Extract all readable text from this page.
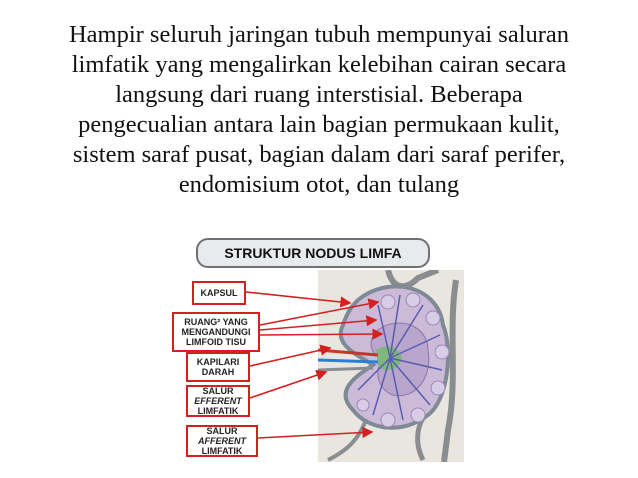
Hampir seluruh jaringan tubuh mempunyai saluran
limfatik yang mengalirkan kelebihan cairan secara
langsung dari ruang interstisial. Beberapa
pengecualian antara lain bagian permukaan kulit,
sistem saraf pusat, bagian dalam dari saraf perifer,
endomisium otot, dan tulang
STRUKTUR NODUS LIMFA
KAPSUL
RUANG² YANG
MENGANDUNGI
LIMFOID TISU
KAPILARI
DARAH
SALUR
EFFERENT
LIMFATIK
SALUR
AFFERENT
LIMFATIK
